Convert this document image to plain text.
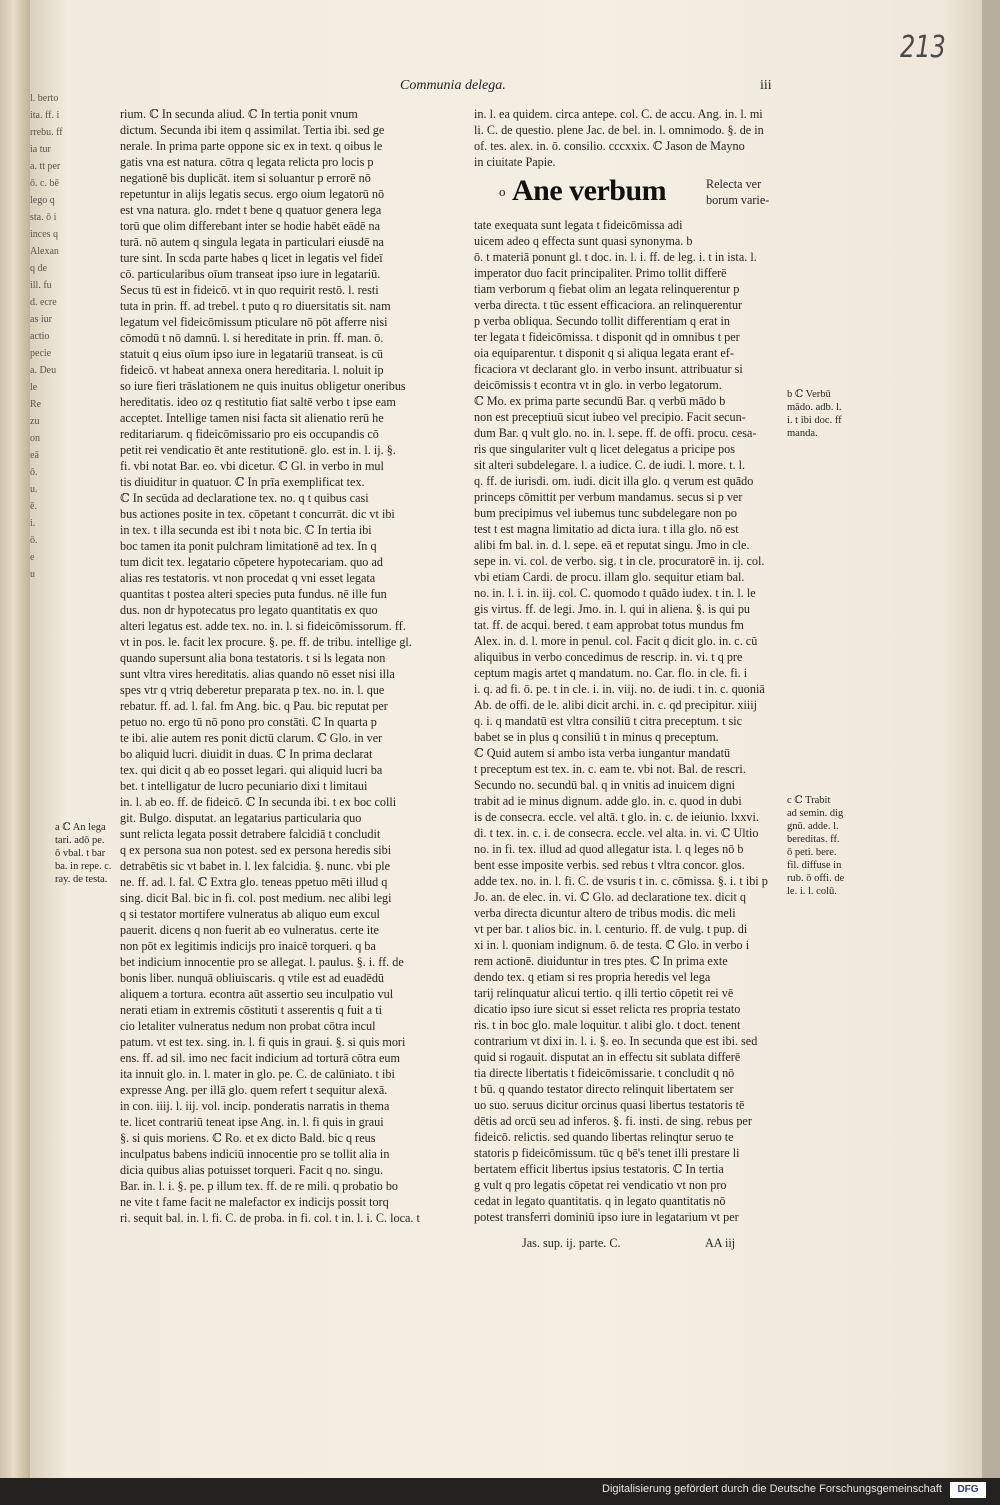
l. berto
ita. ff. i
rrebu. ff
ia tur
a. tt per
ō. c. bē
lego q
sta. ō i
inces q
Alexan
q de
ill. fu
d. ecre
as iur
actio
pecie
a. Deu
le
Re
zu
on
eā
ō.
u.
ē.
i.
ō.
e
u
213
Communia delega.	iii
rium. ℂ In secunda aliud. ℂ In tertia ponit vnum
dictum. Secunda ibi item q assimilat. Tertia ibi. sed ge
nerale. In prima parte oppone sic ex in text. q oibus le
gatis vna est natura. cōtra q legata relicta pro locis p
negationē bis duplicāt. item si soluantur p errorē nō
repetuntur in alijs legatis secus. ergo oium legatorū nō
est vna natura. glo. rndet t bene q quatuor genera lega
torū que olim differebant inter se hodie habēt eādē na
turā. nō autem q singula legata in particulari eiusdē na
ture sint. In scda parte habes q licet in legatis vel fideī
cō. particularibus oīum transeat ipso iure in legatariū.
Secus tū est in fideicō. vt in quo requirit restō. l. resti
tuta in prin. ff. ad trebel. t puto q ro diuersitatis sit. nam
legatum vel fideicōmissum pticulare nō pōt afferre nisi
cōmodū t nō damnū. l. si hereditate in prin. ff. man. ō.
statuit q eius oīum ipso iure in legatariū transeat. is cū
fideicō. vt habeat annexa onera hereditaria. l. noluit ip
so iure fieri trāslationem ne quis inuitus obligetur oneribus
hereditatis. ideo oz q restitutio fiat saltē verbo t ipse eam
acceptet. Intellige tamen nisi facta sit alienatio rerū he
reditariarum. q fideicōmissario pro eis occupandis cō
petit rei vendicatio ēt ante restitutionē. glo. est in. l. ij. §.
fi. vbi notat Bar. eo. vbi dicetur. ℂ Gl. in verbo in mul
tis diuiditur in quatuor. ℂ In prīa exemplificat tex.
ℂ In secūda ad declaratione tex. no. q t quibus casi
bus actiones posite in tex. cōpetant t concurrāt. dic vt ibi
in tex. t illa secunda est ibi t nota bic. ℂ In tertia ibi
boc tamen ita ponit pulchram limitationē ad tex. In q
tum dicit tex. legatario cōpetere hypotecariam. quo ad
alias res testatoris. vt non procedat q vni esset legata
quantitas t postea alteri species puta fundus. nē ille fun
dus. non dr hypotecatus pro legato quantitatis ex quo
alteri legatus est. adde tex. no. in. l. si fideicōmissorum. ff.
vt in pos. le. facit lex procure. §. pe. ff. de tribu. intellige gl.
quando supersunt alia bona testatoris. t si ls legata non
sunt vltra vires hereditatis. alias quando nō esset nisi illa
spes vtr q vtriq deberetur preparata p tex. no. in. l. que
rebatur. ff. ad. l. fal. fm Ang. bic. q Pau. bic reputat per
petuo no. ergo tū nō pono pro constāti. ℂ In quarta p
te ibi. alie autem res ponit dictū clarum. ℂ Glo. in ver
bo aliquid lucri. diuidit in duas. ℂ In prima declarat
tex. qui dicit q ab eo posset legari. qui aliquid lucri ba
bet. t intelligatur de lucro pecuniario dixi t limitaui
in. l. ab eo. ff. de fideicō. ℂ In secunda ibi. t ex boc colli
git. Bulgo. disputat. an legatarius particularia quo
sunt relicta legata possit detrabere falcidiā t concludit
q ex persona sua non potest. sed ex persona heredis sibi
detrabētis sic vt babet in. l. lex falcidia. §. nunc. vbi ple
ne. ff. ad. l. fal. ℂ Extra glo. teneas ppetuo mēti illud q
sing. dicit Bal. bic in fi. col. post medium. nec alibi legi
q si testator mortifere vulneratus ab aliquo eum excul
pauerit. dicens q non fuerit ab eo vulneratus. certe ite
non pōt ex legitimis indicijs pro inaicē torqueri. q ba
bet indicium innocentie pro se allegat. l. paulus. §. i. ff. de
bonis liber. nunquā obliuiscaris. q vtile est ad euadēdū
aliquem a tortura. econtra aūt assertio seu inculpatio vul
nerati etiam in extremis cōstituti t asserentis q fuit a ti
cio letaliter vulneratus nedum non probat cōtra incul
patum. vt est tex. sing. in. l. fi quis in graui. §. si quis mori
ens. ff. ad sil. imo nec facit indicium ad torturā cōtra eum
ita innuit glo. in. l. mater in glo. pe. C. de calūniato. t ibi
expresse Ang. per illā glo. quem refert t sequitur alexā.
in con. iiij. l. iij. vol. incip. ponderatis narratis in thema
te. licet contrariū teneat ipse Ang. in. l. fi quis in graui
§. si quis moriens. ℂ Ro. et ex dicto Bald. bic q reus
inculpatus babens indiciū innocentie pro se tollit alia in
dicia quibus alias potuisset torqueri. Facit q no. singu.
Bar. in. l. i. §. pe. p illum tex. ff. de re mili. q probatio bo
ne vite t fame facit ne malefactor ex indicijs possit torq
ri. sequit bal. in. l. fi. C. de proba. in fi. col. t in. l. i. C. loca. t
in. l. ea quidem. circa antepe. col. C. de accu. Ang. in. l. mi
li. C. de questio. plene Jac. de bel. in. l. omnimodo. §. de in
of. tes. alex. in. ō. consilio. cccxxix. ℂ Jason de Mayno
in ciuitate Papie.
o Ane verbum	Relecta ver
borum varie-
tate exequata sunt legata t fideicōmissa adi
uicem adeo q effecta sunt quasi synonyma. b
ō. t materiā ponunt gl. t doc. in. l. i. ff. de leg. i. t in ista. l.
imperator duo facit principaliter. Primo tollit differē
tiam verborum q fiebat olim an legata relinquerentur p
verba directa. t tūc essent efficaciora. an relinquerentur
p verba obliqua. Secundo tollit differentiam q erat in
ter legata t fideicōmissa. t disponit qd in omnibus t per
oia equiparentur. t disponit q si aliqua legata erant ef-
ficaciora vt declarant glo. in verbo insunt. attribuatur si
deicōmissis t econtra vt in glo. in verbo legatorum.
ℂ Mo. ex prima parte secundū Bar. q verbū mādo b
non est preceptiuū sicut iubeo vel precipio. Facit secun-
dum Bar. q vult glo. no. in. l. sepe. ff. de offi. procu. cesa-
ris que singulariter vult q licet delegatus a pricipe pos
sit alteri subdelegare. l. a iudice. C. de iudi. l. more. t. l.
q. ff. de iurisdi. om. iudi. dicit illa glo. q verum est quādo
princeps cōmittit per verbum mandamus. secus si p ver
bum precipimus vel iubemus tunc subdelegare non po
test t est magna limitatio ad dicta iura. t illa glo. nō est
alibi fm bal. in. d. l. sepe. eā et reputat singu. Jmo in cle.
sepe in. vi. col. de verbo. sig. t in cle. procuratorē in. ij. col.
vbi etiam Cardi. de procu. illam glo. sequitur etiam bal.
no. in. l. i. in. iij. col. C. quomodo t quādo iudex. t in. l. le
gis virtus. ff. de legi. Jmo. in. l. qui in aliena. §. is qui pu
tat. ff. de acqui. bered. t eam approbat totus mundus fm
Alex. in. d. l. more in penul. col. Facit q dicit glo. in. c. cū
aliquibus in verbo concedimus de rescrip. in. vi. t q pre
ceptum magis artet q mandatum. no. Car. flo. in cle. fi. i
i. q. ad fi. ō. pe. t in cle. i. in. viij. no. de iudi. t in. c. quoniā
Ab. de offi. de le. alibi dicit archi. in. c. qd precipitur. xiiij
q. i. q mandatū est vltra consiliū t citra preceptum. t sic
babet se in plus q consiliū t in minus q preceptum.
ℂ Quid autem si ambo ista verba iungantur mandatū
t preceptum est tex. in. c. eam te. vbi not. Bal. de rescri.
Secundo no. secundū bal. q in vnitis ad inuicem digni
trabit ad ie minus dignum. adde glo. in. c. quod in dubi
is de consecra. eccle. vel altā. t glo. in. c. de ieiunio. lxxvi.
di. t tex. in. c. i. de consecra. eccle. vel alta. in. vi. ℂ Ultio
no. in fi. tex. illud ad quod allegatur ista. l. q leges nō b
bent esse imposite verbis. sed rebus t vltra concor. glos.
adde tex. no. in. l. fi. C. de vsuris t in. c. cōmissa. §. i. t ibi p
Jo. an. de elec. in. vi. ℂ Glo. ad declaratione tex. dicit q
verba directa dicuntur altero de tribus modis. dic meli
vt per bar. t alios bic. in. l. centurio. ff. de vulg. t pup. di
xi in. l. quoniam indignum. ō. de testa. ℂ Glo. in verbo i
rem actionē. diuiduntur in tres ptes. ℂ In prima exte
dendo tex. q etiam si res propria heredis vel lega
tarij relinquatur alicui tertio. q illi tertio cōpetit rei vē
dicatio ipso iure sicut si esset relicta res propria testato
ris. t in boc glo. male loquitur. t alibi glo. t doct. tenent
contrarium vt dixi in. l. i. §. eo. In secunda que est ibi. sed
quid si rogauit. disputat an in effectu sit sublata differē
tia directe libertatis t fideicōmissarie. t concludit q nō
t bū. q quando testator directo relinquit libertatem ser
uo suo. seruus dicitur orcinus quasi libertus testatoris tē
dētis ad orcū seu ad inferos. §. fi. insti. de sing. rebus per
fideicō. relictis. sed quando libertas relinqtur seruo te
statoris p fideicōmissum. tūc q bē's tenet illi prestare li
bertatem efficit libertus ipsius testatoris. ℂ In tertia
g vult q pro legatis cōpetat rei vendicatio vt non pro
cedat in legato quantitatis. q in legato quantitatis nō
potest transferri dominiū ipso iure in legatarium vt per
b ℂ Verbū
mādo. adb. l.
i. t ibi doc. ff
manda.
c ℂ Trabit
ad semin. dig
gnū. adde. l.
bereditas. ff.
ō peti. bere.
fil. diffuse in
rub. ō offi. de
le. i. l. colū.
a ℂ An lega
tari. adō pe.
ō vbal. t bar
ba. in repe. c.
ray. de testa.
Jas. sup. ij. parte. C.	AA iij
Digitalisierung gefördert durch die Deutsche Forschungsgemeinschaft	DFG
